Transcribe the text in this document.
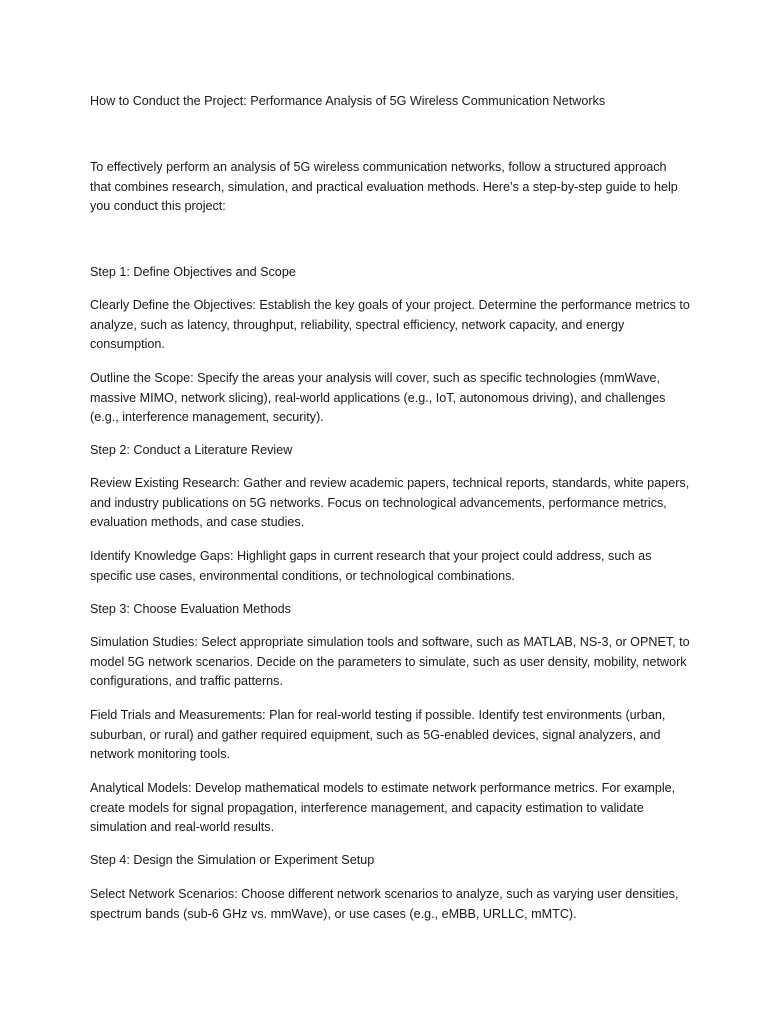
How to Conduct the Project: Performance Analysis of 5G Wireless Communication Networks

To effectively perform an analysis of 5G wireless communication networks, follow a structured approach that combines research, simulation, and practical evaluation methods. Here’s a step-by-step guide to help you conduct this project:

Step 1: Define Objectives and Scope

Clearly Define the Objectives: Establish the key goals of your project. Determine the performance metrics to analyze, such as latency, throughput, reliability, spectral efficiency, network capacity, and energy consumption.

Outline the Scope: Specify the areas your analysis will cover, such as specific technologies (mmWave, massive MIMO, network slicing), real-world applications (e.g., IoT, autonomous driving), and challenges (e.g., interference management, security).

Step 2: Conduct a Literature Review

Review Existing Research: Gather and review academic papers, technical reports, standards, white papers, and industry publications on 5G networks. Focus on technological advancements, performance metrics, evaluation methods, and case studies.

Identify Knowledge Gaps: Highlight gaps in current research that your project could address, such as specific use cases, environmental conditions, or technological combinations.

Step 3: Choose Evaluation Methods

Simulation Studies: Select appropriate simulation tools and software, such as MATLAB, NS-3, or OPNET, to model 5G network scenarios. Decide on the parameters to simulate, such as user density, mobility, network configurations, and traffic patterns.

Field Trials and Measurements: Plan for real-world testing if possible. Identify test environments (urban, suburban, or rural) and gather required equipment, such as 5G-enabled devices, signal analyzers, and network monitoring tools.

Analytical Models: Develop mathematical models to estimate network performance metrics. For example, create models for signal propagation, interference management, and capacity estimation to validate simulation and real-world results.

Step 4: Design the Simulation or Experiment Setup

Select Network Scenarios: Choose different network scenarios to analyze, such as varying user densities, spectrum bands (sub-6 GHz vs. mmWave), or use cases (e.g., eMBB, URLLC, mMTC).
